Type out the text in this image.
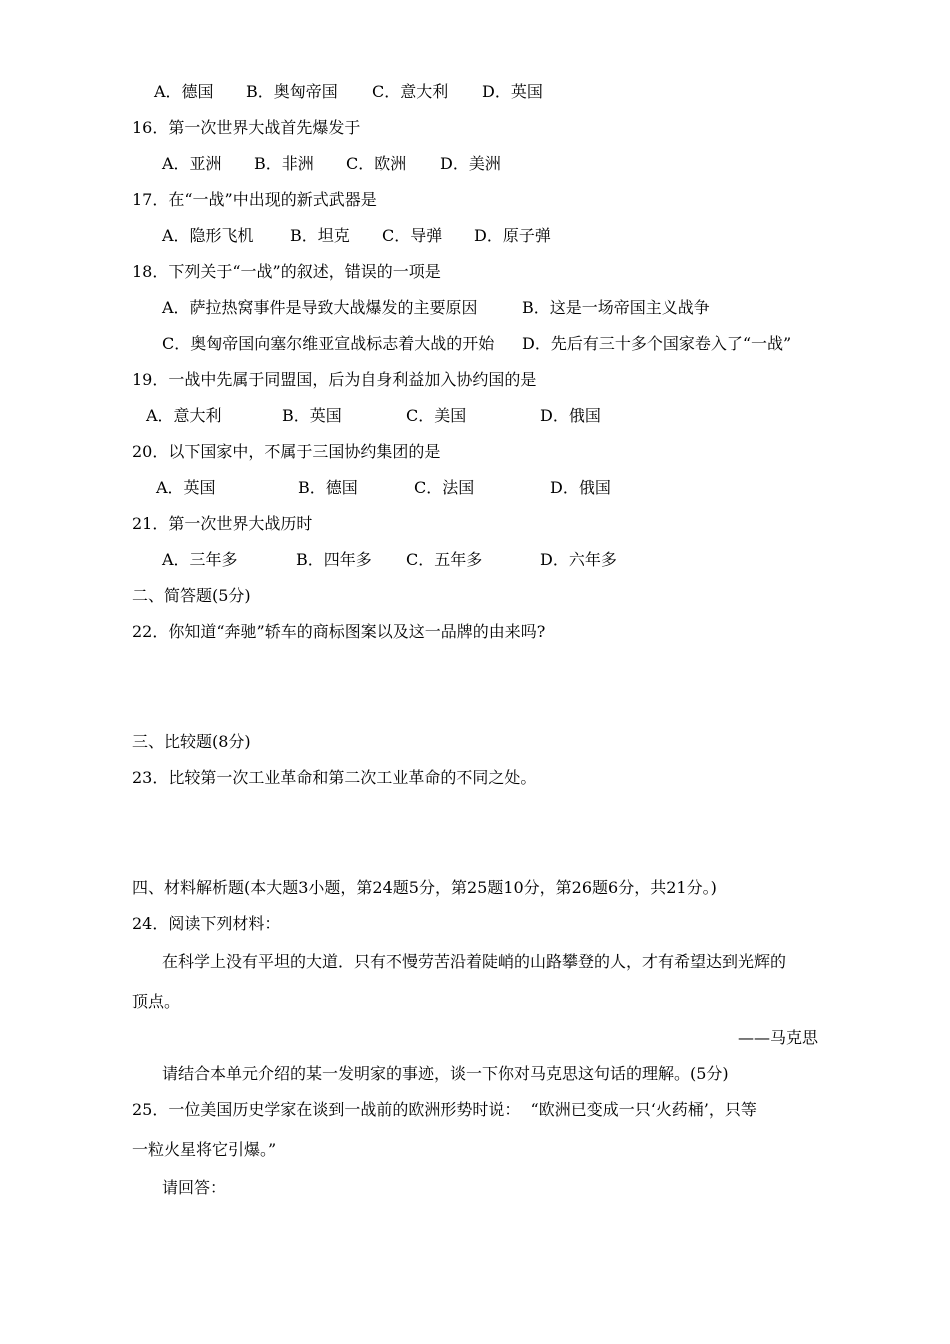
A．德国 B．奥匈帝国 C．意大利 D．英国
16．第一次世界大战首先爆发于
A．亚洲 B．非洲 C．欧洲 D．美洲
17．在“一战”中出现的新式武器是
A．隐形飞机 B．坦克 C．导弹 D．原子弹
18．下列关于“一战”的叙述，错误的一项是
A．萨拉热窝事件是导致大战爆发的主要原因	B．这是一场帝国主义战争
C．奥匈帝国向塞尔维亚宣战标志着大战的开始 D．先后有三十多个国家卷入了“一战”
19．一战中先属于同盟国，后为自身利益加入协约国的是
A．意大利	B．英国	C．美国	D．俄国
20．以下国家中，不属于三国协约集团的是
A．英国	B．德国	C．法国	D．俄国
21．第一次世界大战历时
A．三年多	B．四年多 C．五年多	D．六年多
二、简答题(5分)
22．你知道“奔驰”轿车的商标图案以及这一品牌的由来吗?
三、比较题(8分)
23．比较第一次工业革命和第二次工业革命的不同之处。
四、材料解析题(本大题3小题，第24题5分，第25题10分，第26题6分，共21分。)
24．阅读下列材料：
在科学上没有平坦的大道．只有不慢劳苦沿着陡峭的山路攀登的人，才有希望达到光辉的
顶点。
——马克思
请结合本单元介绍的某一发明家的事迹，谈一下你对马克思这句话的理解。(5分)
25．一位美国历史学家在谈到一战前的欧洲形势时说：  “欧洲已变成一只‘火药桶’，只等
一粒火星将它引爆。”
请回答：
